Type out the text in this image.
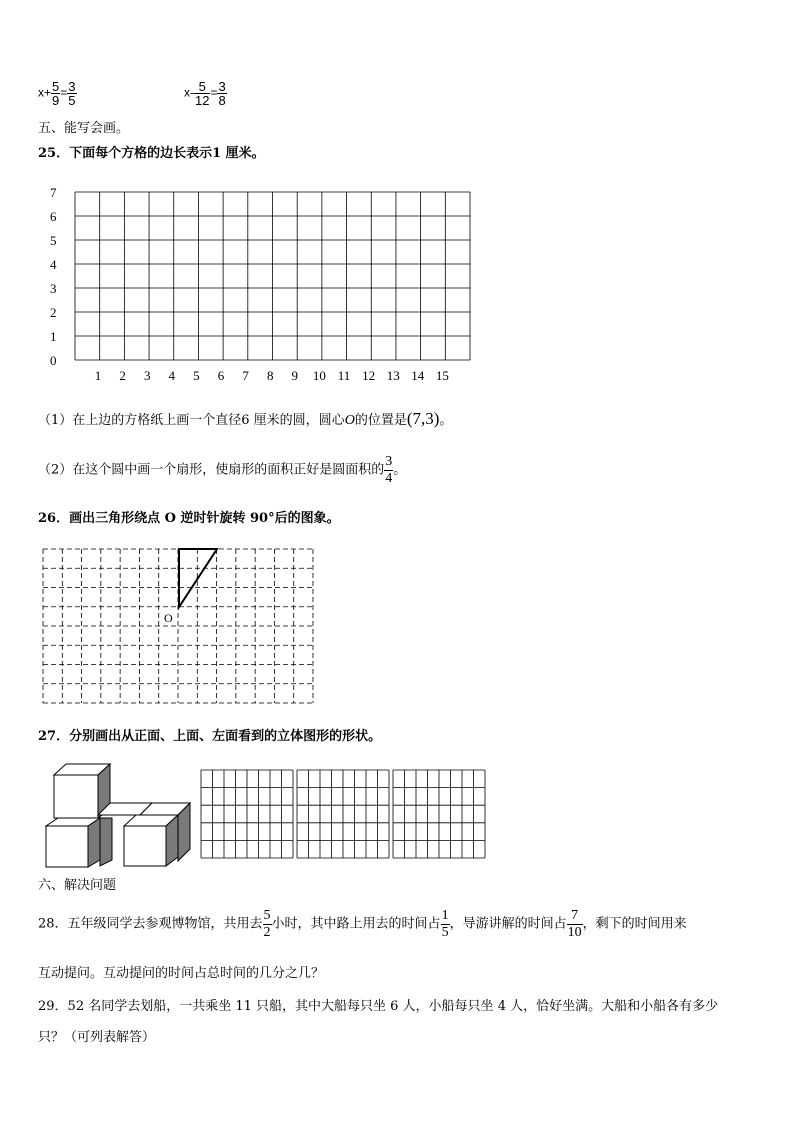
$x+ \frac{5}{9} = \frac{3}{5}$	$x- \frac{5}{12} = \frac{3}{8}$
五、能写会画。
25．下面每个方格的边长表示1 厘米。
0
1
2
3
4
5
6
7
1 2 3 4 5 6 7 8 9 10 11 12 13 14 15
（1）在上边的方格纸上画一个直径6 厘米的圆，圆心O的位置是(7,3)。
（2）在这个圆中画一个扇形，使扇形的面积正好是圆面积的 $\frac{3}{4}$ 。
26．画出三角形绕点 O 逆时针旋转 90°后的图象。
O
27．分别画出从正面、上面、左面看到的立体图形的形状。
六、解决问题
28．五年级同学去参观博物馆，共用去 $\frac{5}{2}$ 小时，其中路上用去的时间占 $\frac{1}{5}$ ，导游讲解的时间占 $\frac{7}{10}$ ，剩下的时间用来
互动提问。互动提问的时间占总时间的几分之几？
29．52 名同学去划船，一共乘坐 11 只船，其中大船每只坐 6 人，小船每只坐 4 人，恰好坐满。大船和小船各有多少
只？（可列表解答）
